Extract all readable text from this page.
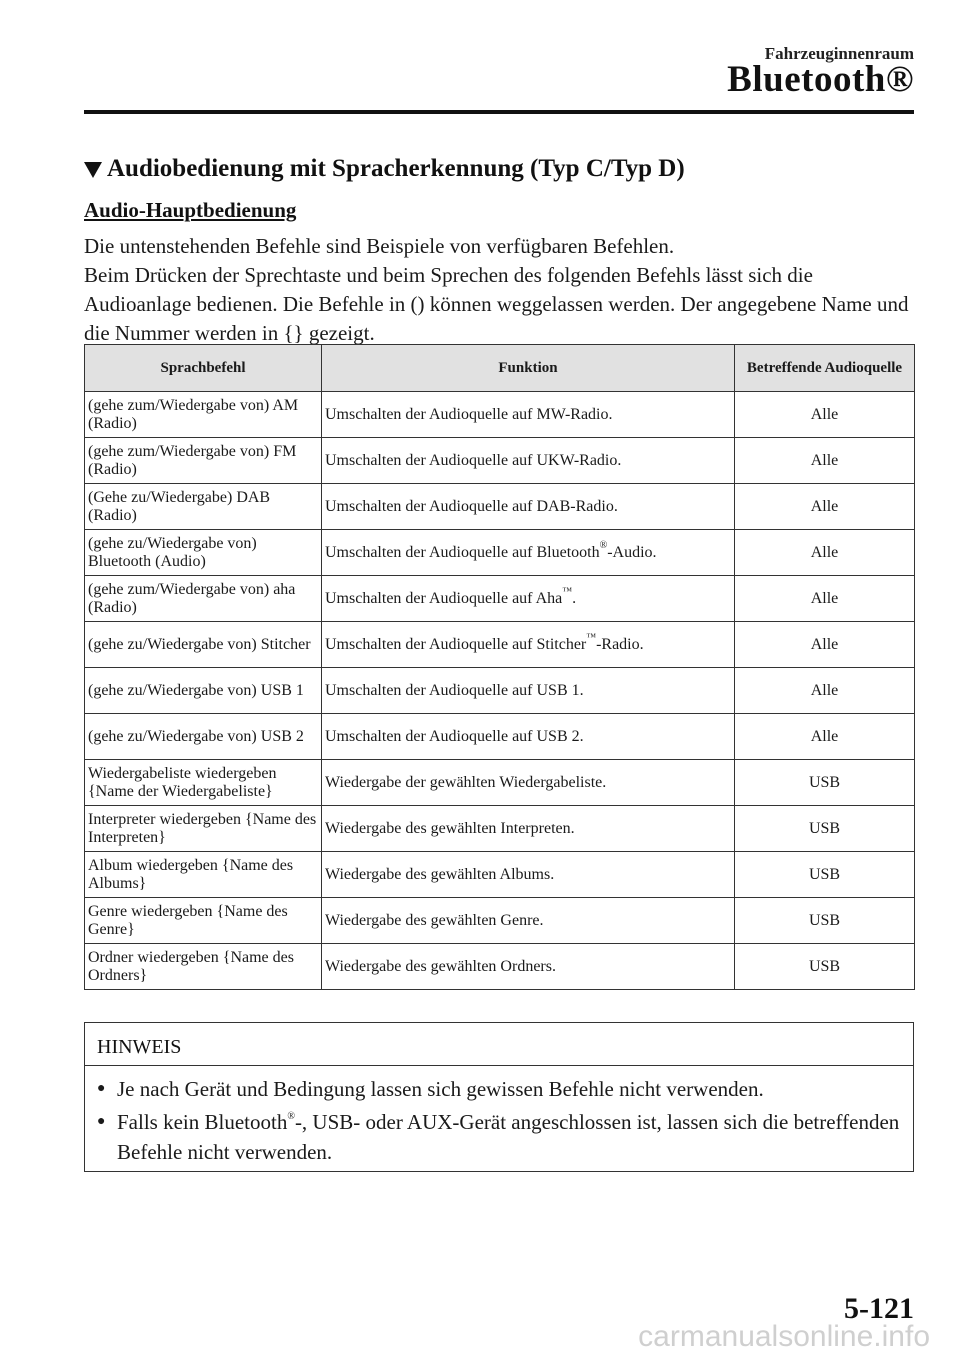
Fahrzeuginnenraum
Bluetooth®
Audiobedienung mit Spracherkennung (Typ C/Typ D)
Audio-Hauptbedienung

Die untenstehenden Befehle sind Beispiele von verfügbaren Befehlen.

Beim Drücken der Sprechtaste und beim Sprechen des folgenden Befehls lässt sich die Audioanlage bedienen. Die Befehle in () können weggelassen werden. Der angegebene Name und die Nummer werden in {} gezeigt.

Sprachbefehl	Funktion	Betreffende Audioquelle
(gehe zum/Wiedergabe von) AM (Radio)	Umschalten der Audioquelle auf MW-Radio.	Alle
(gehe zum/Wiedergabe von) FM (Radio)	Umschalten der Audioquelle auf UKW-Radio.	Alle
(Gehe zu/Wiedergabe) DAB (Radio)	Umschalten der Audioquelle auf DAB-Radio.	Alle
(gehe zu/Wiedergabe von) Bluetooth (Audio)	Umschalten der Audioquelle auf Bluetooth®-Audio.	Alle
(gehe zum/Wiedergabe von) aha (Radio)	Umschalten der Audioquelle auf Aha™.	Alle
(gehe zu/Wiedergabe von) Stitcher	Umschalten der Audioquelle auf Stitcher™-Radio.	Alle
(gehe zu/Wiedergabe von) USB 1	Umschalten der Audioquelle auf USB 1.	Alle
(gehe zu/Wiedergabe von) USB 2	Umschalten der Audioquelle auf USB 2.	Alle
Wiedergabeliste wiedergeben {Name der Wiedergabeliste}	Wiedergabe der gewählten Wiedergabeliste.	USB
Interpreter wiedergeben {Name des Interpreten}	Wiedergabe des gewählten Interpreten.	USB
Album wiedergeben {Name des Albums}	Wiedergabe des gewählten Albums.	USB
Genre wiedergeben {Name des Genre}	Wiedergabe des gewählten Genre.	USB
Ordner wiedergeben {Name des Ordners}	Wiedergabe des gewählten Ordners.	USB
HINWEIS
● Je nach Gerät und Bedingung lassen sich gewissen Befehle nicht verwenden.
● Falls kein Bluetooth®-, USB- oder AUX-Gerät angeschlossen ist, lassen sich die betreffenden Befehle nicht verwenden.
5-121
carmanualsonline.info
